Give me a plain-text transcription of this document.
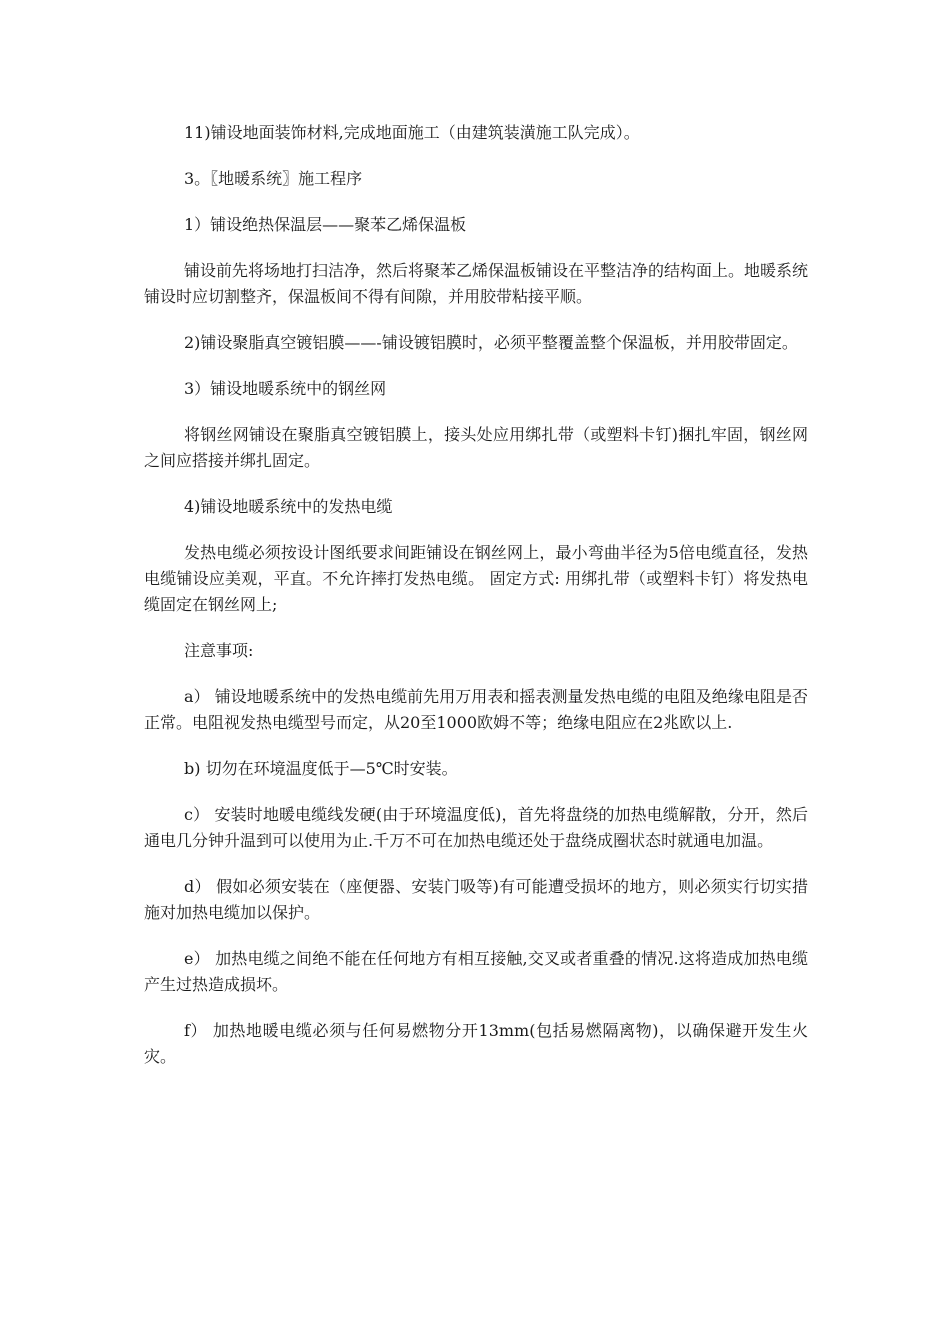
11)铺设地面装饰材料,完成地面施工（由建筑装潢施工队完成）。

3。〖地暖系统〗施工程序

1）铺设绝热保温层——聚苯乙烯保温板

铺设前先将场地打扫洁净，然后将聚苯乙烯保温板铺设在平整洁净的结构面上。地暖系统铺设时应切割整齐，保温板间不得有间隙，并用胶带粘接平顺。

2)铺设聚脂真空镀铝膜——-铺设镀铝膜时，必须平整覆盖整个保温板，并用胶带固定。

3）铺设地暖系统中的钢丝网

将钢丝网铺设在聚脂真空镀铝膜上，接头处应用绑扎带（或塑料卡钉)捆扎牢固，钢丝网之间应搭接并绑扎固定。

4)铺设地暖系统中的发热电缆

发热电缆必须按设计图纸要求间距铺设在钢丝网上，最小弯曲半径为5倍电缆直径，发热电缆铺设应美观，平直。不允许摔打发热电缆。 固定方式: 用绑扎带（或塑料卡钉）将发热电缆固定在钢丝网上;

注意事项:

a） 铺设地暖系统中的发热电缆前先用万用表和摇表测量发热电缆的电阻及绝缘电阻是否正常。电阻视发热电缆型号而定，从20至1000欧姆不等；绝缘电阻应在2兆欧以上.

b) 切勿在环境温度低于—5℃时安装。

c） 安装时地暖电缆线发硬(由于环境温度低)，首先将盘绕的加热电缆解散，分开，然后通电几分钟升温到可以使用为止.千万不可在加热电缆还处于盘绕成圈状态时就通电加温。

d） 假如必须安装在（座便器、安装门吸等)有可能遭受损坏的地方，则必须实行切实措施对加热电缆加以保护。

e） 加热电缆之间绝不能在任何地方有相互接触,交叉或者重叠的情况.这将造成加热电缆产生过热造成损坏。

f） 加热地暖电缆必须与任何易燃物分开13mm(包括易燃隔离物)，以确保避开发生火灾。
